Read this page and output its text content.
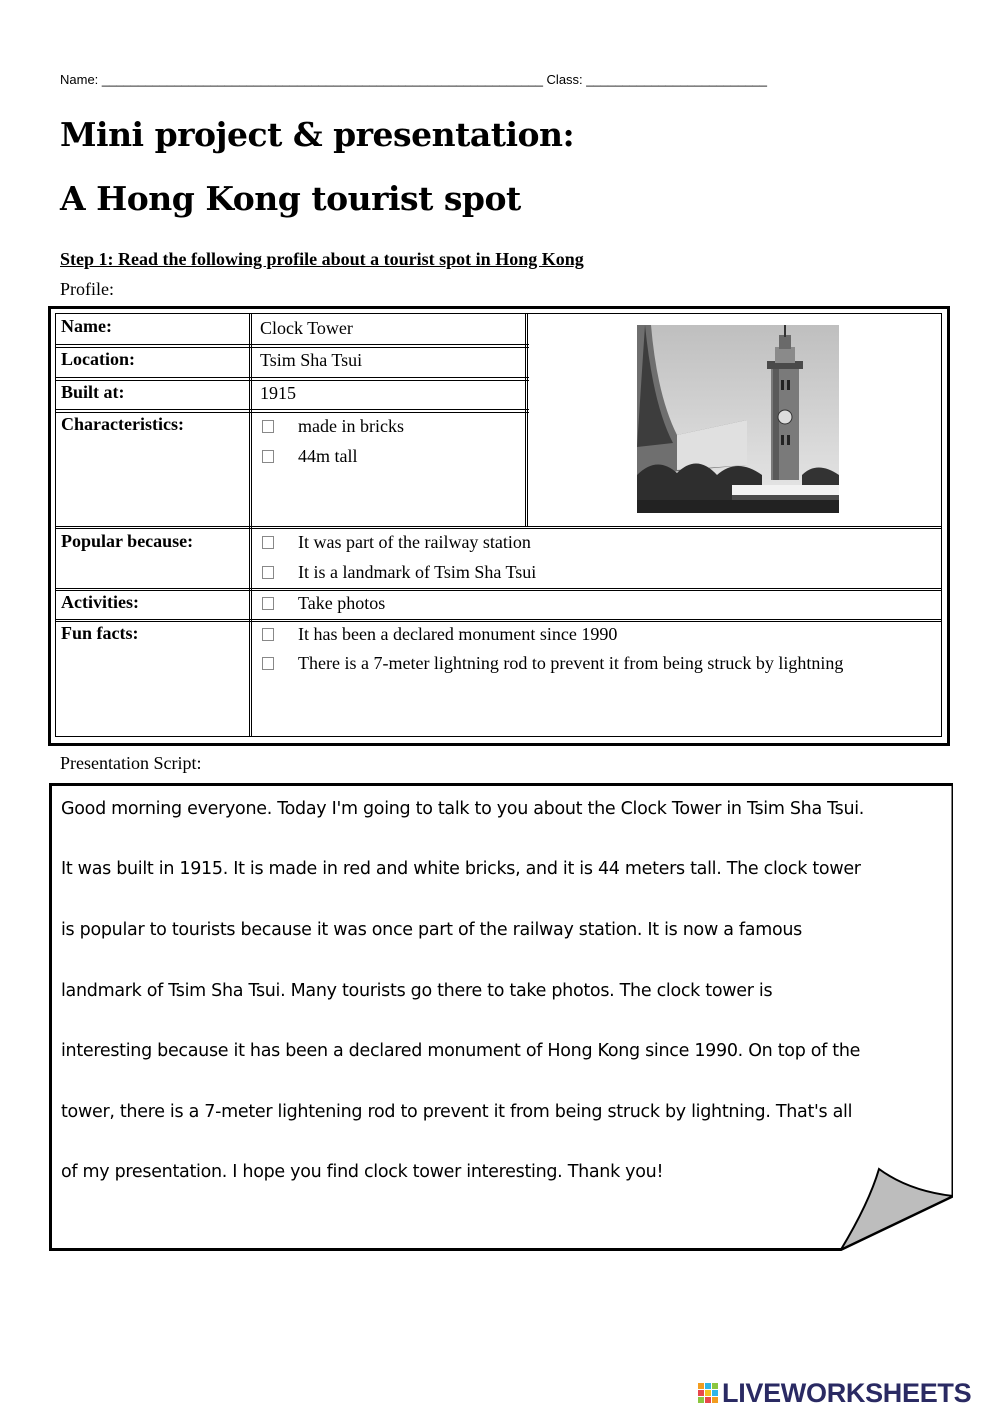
Name: _____________________________________________________________ Class: _________________________
Mini project & presentation:
A Hong Kong tourist spot
Step 1: Read the following profile about a tourist spot in Hong Kong
Profile:
Name:	Clock Tower
Location:	Tsim Sha Tsui
Built at:	1915
Characteristics:	made in bricks
44m tall
Popular because:	It was part of the railway station
It is a landmark of Tsim Sha Tsui
Activities:	Take photos
Fun facts:	It has been a declared monument since 1990
There is a 7-meter lightning rod to prevent it from being struck by lightning
Presentation Script:
Good morning everyone. Today I'm going to talk to you about the Clock Tower in Tsim Sha Tsui.
It was built in 1915. It is made in red and white bricks, and it is 44 meters tall. The clock tower
is popular to tourists because it was once part of the railway station. It is now a famous
landmark of Tsim Sha Tsui. Many tourists go there to take photos. The clock tower is
interesting because it has been a declared monument of Hong Kong since 1990. On top of the
tower, there is a 7-meter lightening rod to prevent it from being struck by lightning. That's all
of my presentation. I hope you find clock tower interesting. Thank you!
LIVEWORKSHEETS
